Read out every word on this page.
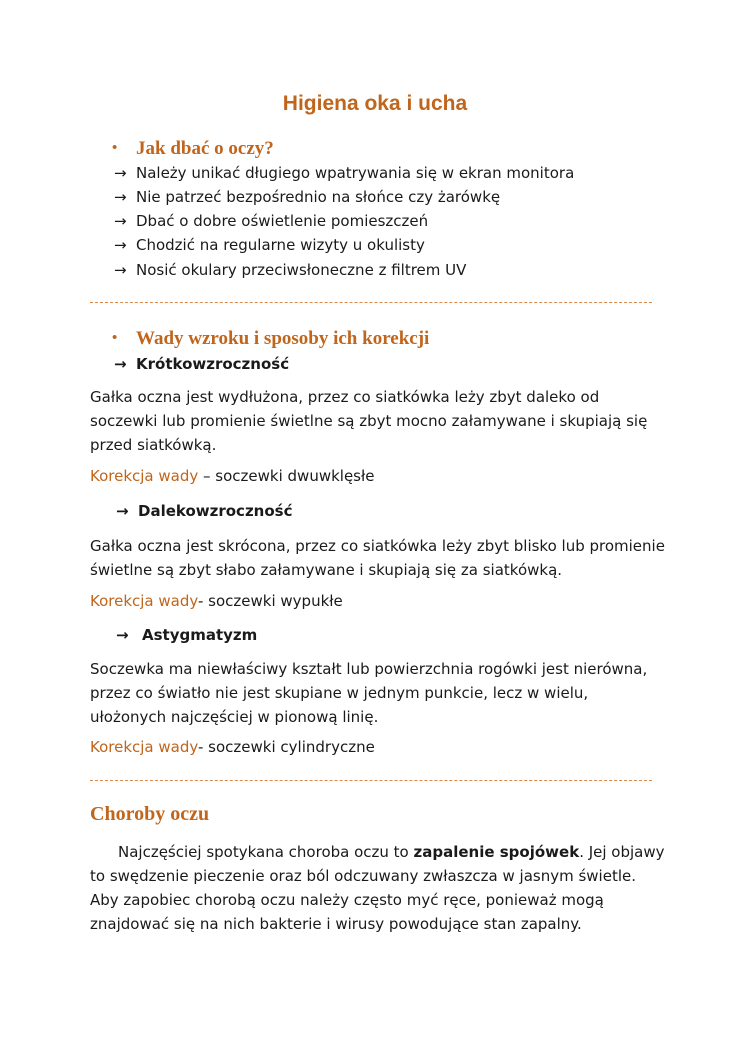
Higiena oka i ucha
• Jak dbać o oczy?
→ Należy unikać długiego wpatrywania się w ekran monitora
→ Nie patrzeć bezpośrednio na słońce czy żarówkę
→ Dbać o dobre oświetlenie pomieszczeń
→ Chodzić na regularne wizyty u okulisty
→ Nosić okulary przeciwsłoneczne z filtrem UV
• Wady wzroku i sposoby ich korekcji
→ Krótkowzroczność
Gałka oczna jest wydłużona, przez co siatkówka leży zbyt daleko od soczewki lub promienie świetlne są zbyt mocno załamywane i skupiają się przed siatkówką.
Korekcja wady – soczewki dwuwklęsłe
→ Dalekowzroczność
Gałka oczna jest skrócona, przez co siatkówka leży zbyt blisko lub promienie świetlne są zbyt słabo załamywane i skupiają się za siatkówką.
Korekcja wady- soczewki wypukłe
→ Astygmatyzm
Soczewka ma niewłaściwy kształt lub powierzchnia rogówki jest nierówna, przez co światło nie jest skupiane w jednym punkcie, lecz w wielu, ułożonych najczęściej w pionową linię.
Korekcja wady- soczewki cylindryczne
Choroby oczu
Najczęściej spotykana choroba oczu to zapalenie spojówek. Jej objawy to swędzenie pieczenie oraz ból odczuwany zwłaszcza w jasnym świetle. Aby zapobiec chorobą oczu należy często myć ręce, ponieważ mogą znajdować się na nich bakterie i wirusy powodujące stan zapalny.
